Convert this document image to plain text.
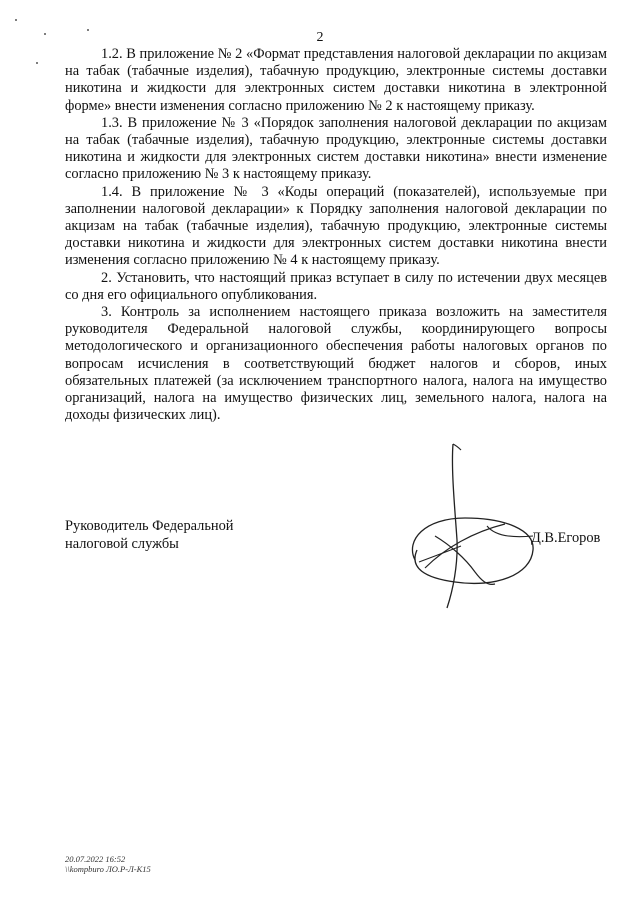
2

1.2. В приложение № 2 «Формат представления налоговой декларации по акцизам на табак (табачные изделия), табачную продукцию, электронные системы доставки никотина и жидкости для электронных систем доставки никотина в электронной форме» внести изменения согласно приложению № 2 к настоящему приказу.

1.3. В приложение № 3 «Порядок заполнения налоговой декларации по акцизам на табак (табачные изделия), табачную продукцию, электронные системы доставки никотина и жидкости для электронных систем доставки никотина» внести изменение согласно приложению № 3 к настоящему приказу.

1.4. В приложение № 3 «Коды операций (показателей), используемые при заполнении налоговой декларации» к Порядку заполнения налоговой декларации по акцизам на табак (табачные изделия), табачную продукцию, электронные системы доставки никотина и жидкости для электронных систем доставки никотина внести изменения согласно приложению № 4 к настоящему приказу.

2. Установить, что настоящий приказ вступает в силу по истечении двух месяцев со дня его официального опубликования.

3. Контроль за исполнением настоящего приказа возложить на заместителя руководителя Федеральной налоговой службы, координирующего вопросы методологического и организационного обеспечения работы налоговых органов по вопросам исчисления в соответствующий бюджет налогов и сборов, иных обязательных платежей (за исключением транспортного налога, налога на имущество организаций, налога на имущество физических лиц, земельного налога, налога на доходы физических лиц).

Руководитель Федеральной
налоговой службы	Д.В.Егоров
20.07.2022 16:52
\\kompburo ЛО.Р-Л-К15
